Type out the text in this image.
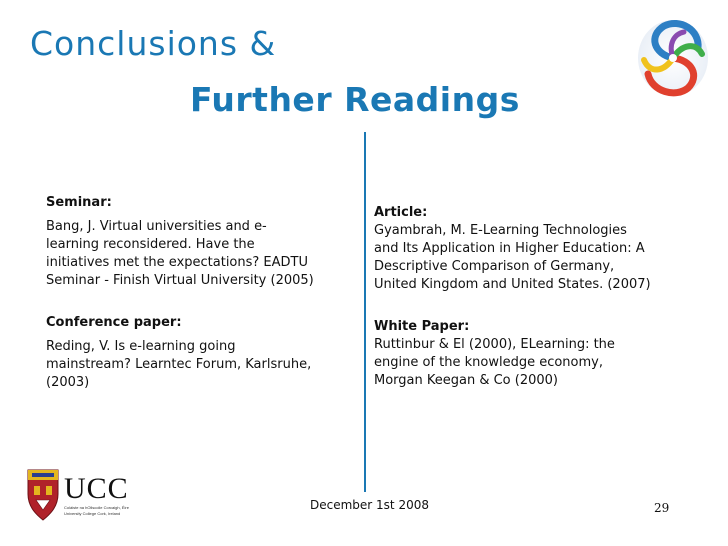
Conclusions &
Further Readings
Seminar:
Bang, J. Virtual universities and e-
learning reconsidered. Have the
initiatives met the expectations? EADTU
Seminar - Finish Virtual University (2005)
Conference paper:
Reding, V. Is e-learning going
mainstream? Learntec Forum, Karlsruhe,
(2003)
Article:
Gyambrah, M. E-Learning Technologies
and Its Application in Higher Education: A
Descriptive Comparison of Germany,
United Kingdom and United States. (2007)
White Paper:
Ruttinbur & El (2000), ELearning: the
engine of the knowledge economy,
Morgan Keegan & Co (2000)
UCC
Coláiste na hOllscoile Corcaigh, Éire
University College Cork, Ireland
December 1st 2008	29
